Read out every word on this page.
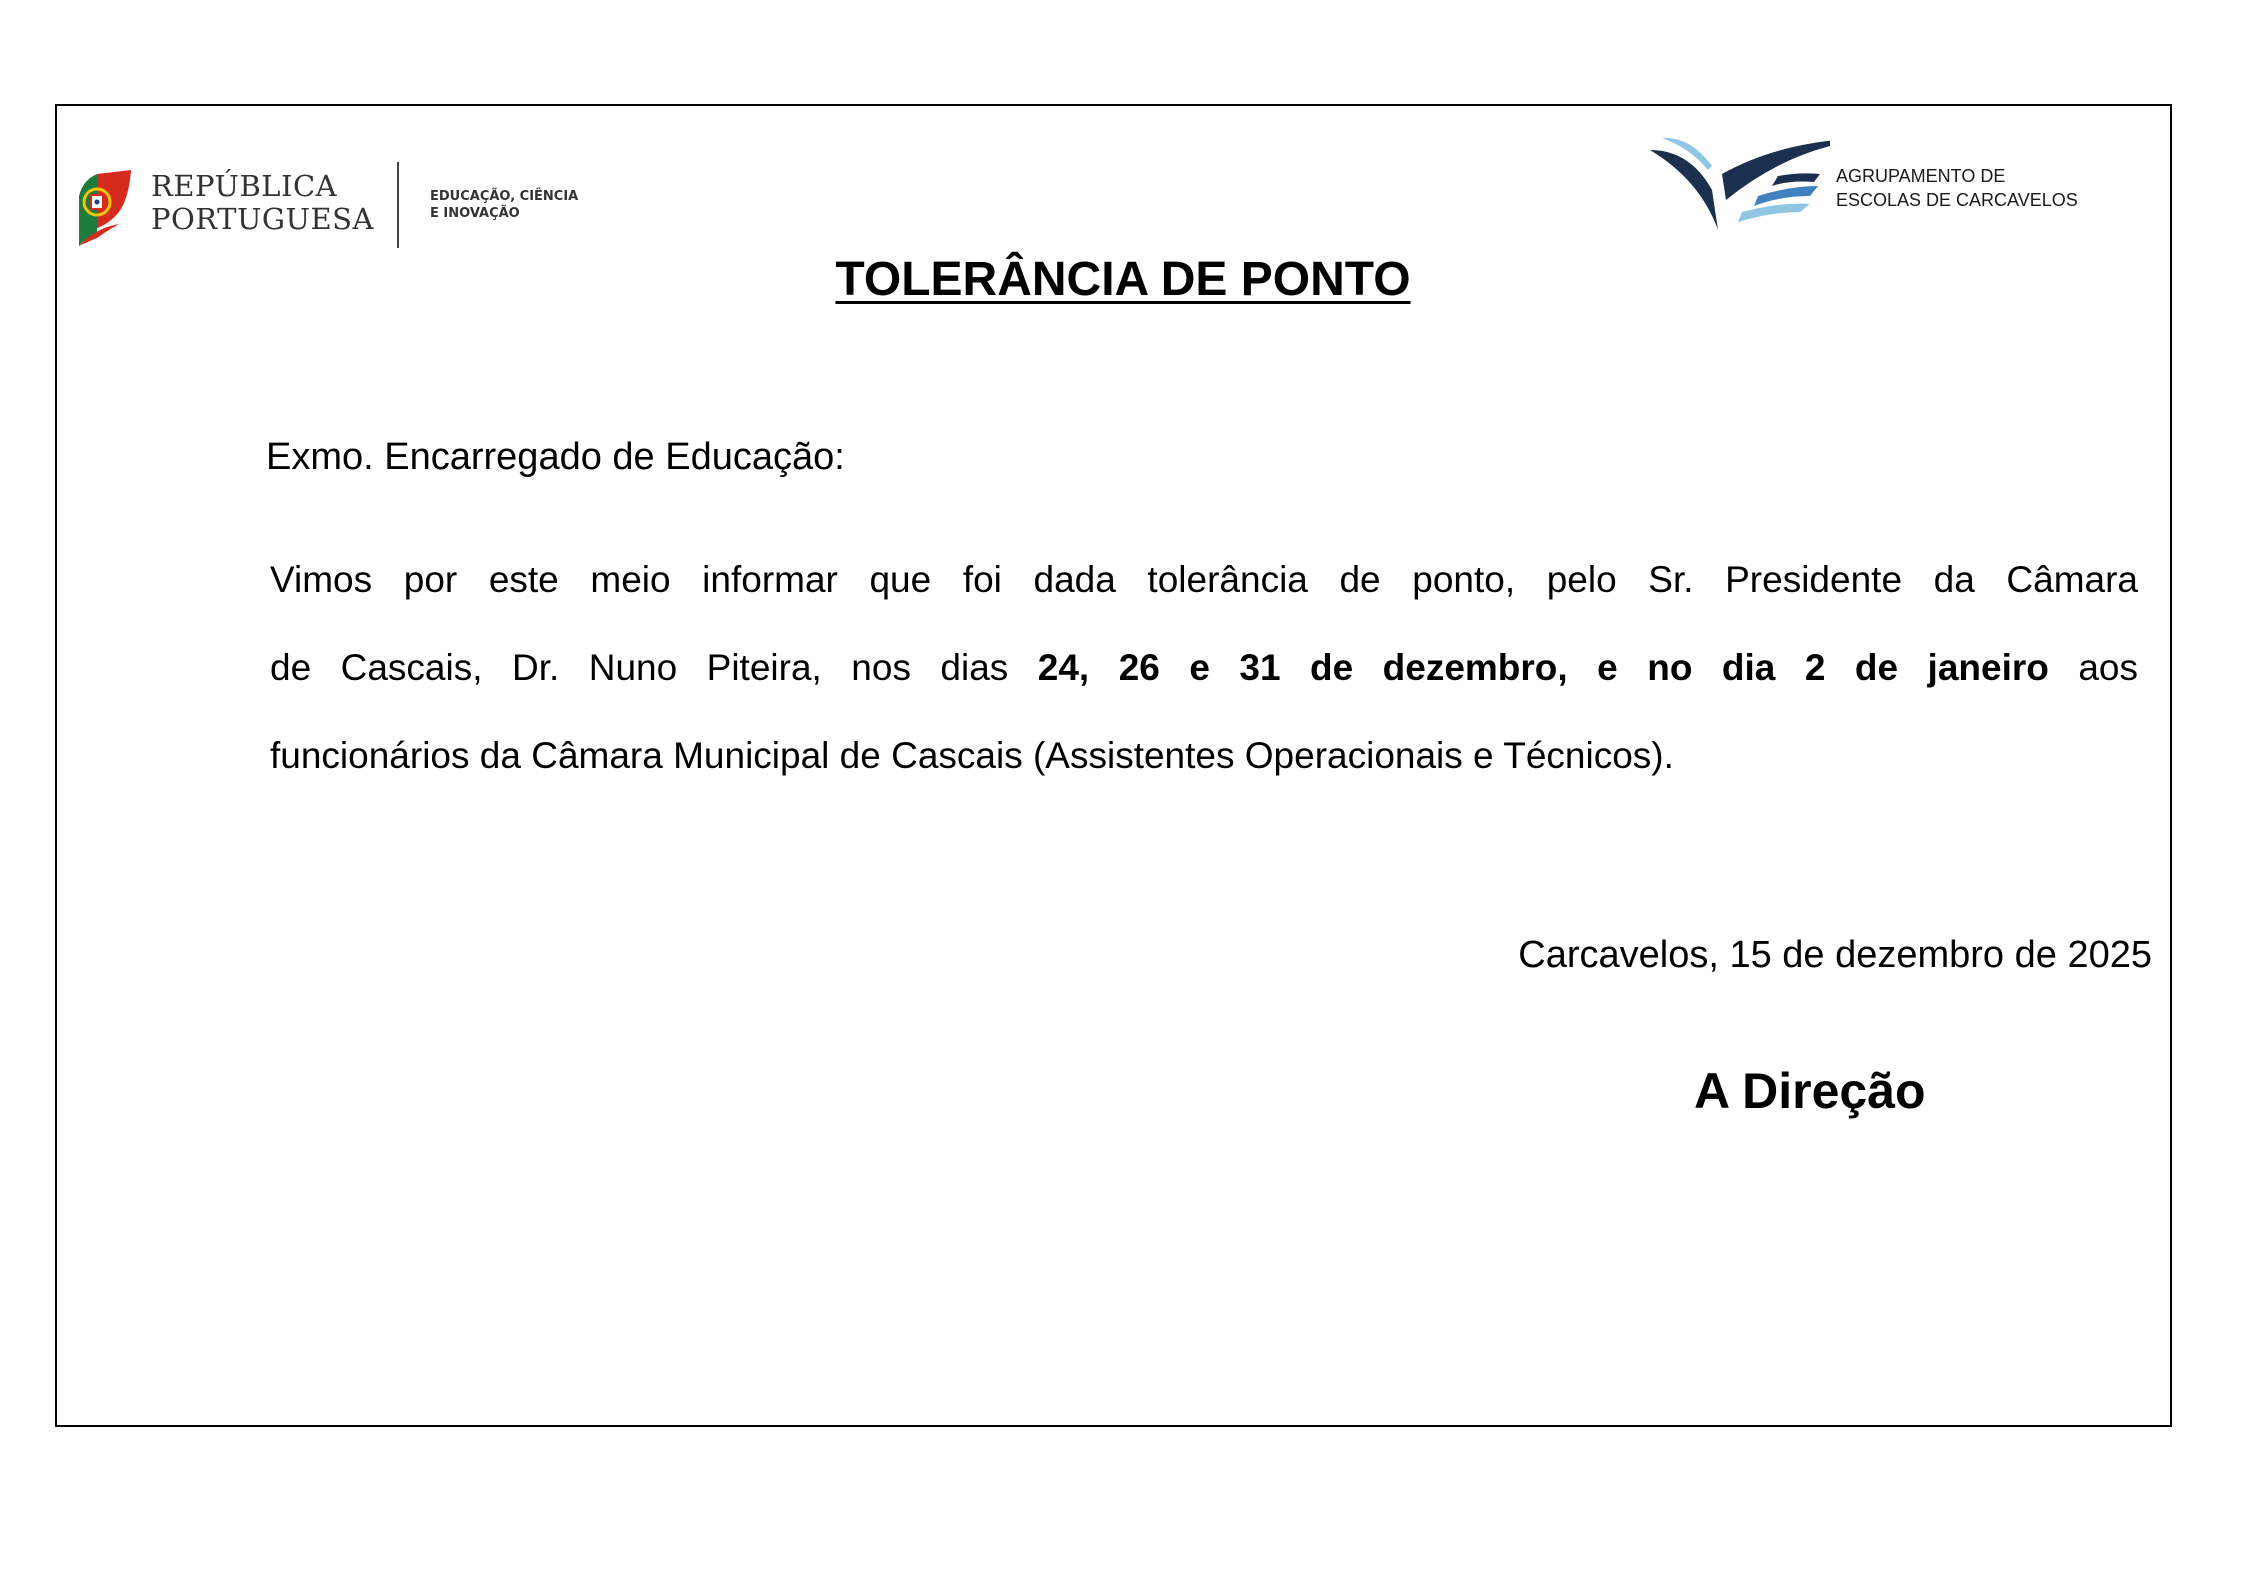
REPÚBLICA
PORTUGUESA
EDUCAÇÃO, CIÊNCIA
E INOVAÇÃO
AGRUPAMENTO DE
ESCOLAS DE CARCAVELOS
TOLERÂNCIA DE PONTO
Exmo. Encarregado de Educação:
Vimos por este meio informar que foi dada tolerância de ponto, pelo Sr. Presidente da Câmara
de Cascais, Dr. Nuno Piteira, nos dias 24, 26 e 31 de dezembro, e no dia 2 de janeiro aos
funcionários da Câmara Municipal de Cascais (Assistentes Operacionais e Técnicos).
Carcavelos, 15 de dezembro de 2025
A Direção
